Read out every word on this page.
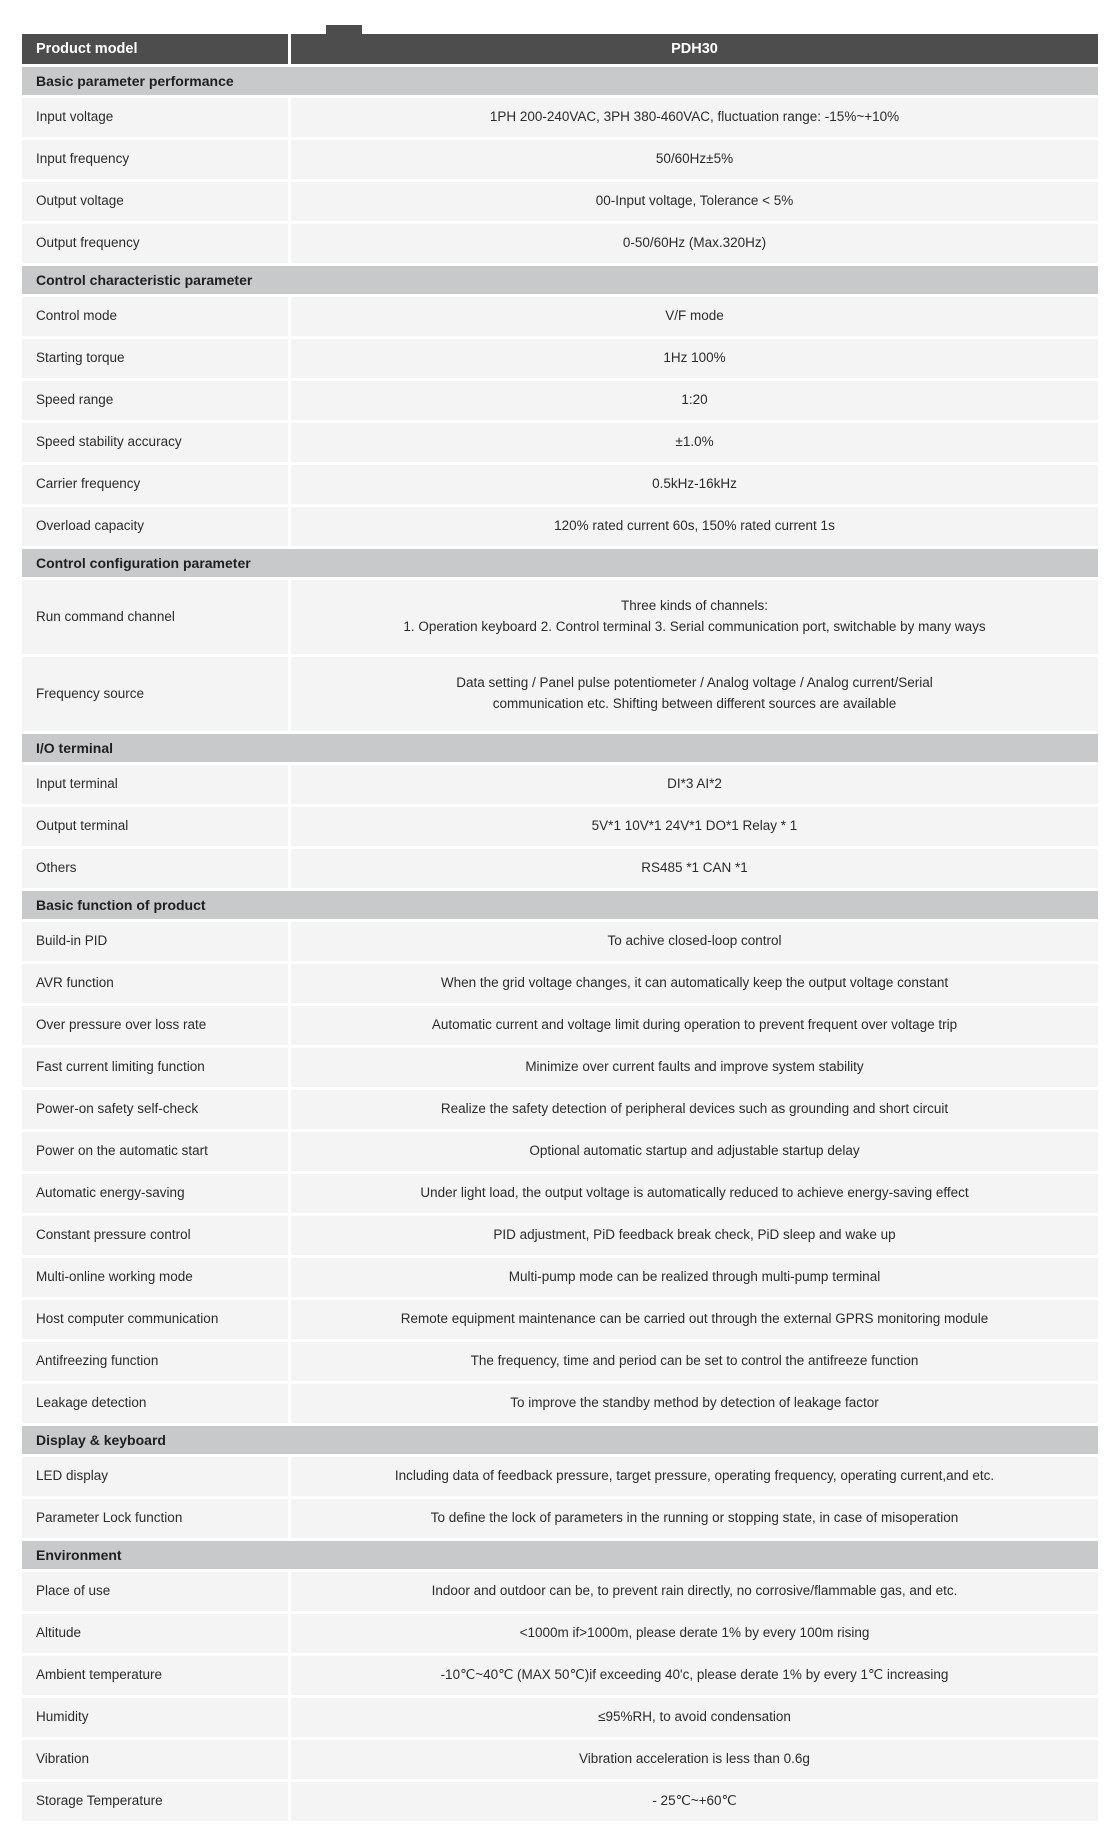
Product model	PDH30
Basic parameter performance	
Input voltage	1PH 200-240VAC, 3PH 380-460VAC, fluctuation range: -15%~+10%
Input frequency	50/60Hz±5%
Output voltage	00-Input voltage, Tolerance < 5%
Output frequency	0-50/60Hz (Max.320Hz)
Control characteristic parameter	
Control mode	V/F mode
Starting torque	1Hz 100%
Speed range	1:20
Speed stability accuracy	±1.0%
Carrier frequency	0.5kHz-16kHz
Overload capacity	120% rated current 60s, 150% rated current 1s
Control configuration parameter	
Run command channel	Three kinds of channels:
1. Operation keyboard 2. Control terminal 3. Serial communication port, switchable by many ways

Frequency source	Data setting / Panel pulse potentiometer / Analog voltage / Analog current/Serial
communication etc. Shifting between different sources are available

I/O terminal	
Input terminal	DI*3 AI*2
Output terminal	5V*1 10V*1 24V*1 DO*1 Relay * 1
Others	RS485 *1 CAN *1
Basic function of product	
Build-in PID	To achive closed-loop control
AVR function	When the grid voltage changes, it can automatically keep the output voltage constant
Over pressure over loss rate	Automatic current and voltage limit during operation to prevent frequent over voltage trip
Fast current limiting function	Minimize over current faults and improve system stability
Power-on safety self-check	Realize the safety detection of peripheral devices such as grounding and short circuit
Power on the automatic start	Optional automatic startup and adjustable startup delay
Automatic energy-saving	Under light load, the output voltage is automatically reduced to achieve energy-saving effect
Constant pressure control	PID adjustment, PiD feedback break check, PiD sleep and wake up
Multi-online working mode	Multi-pump mode can be realized through multi-pump terminal
Host computer communication	Remote equipment maintenance can be carried out through the external GPRS monitoring module
Antifreezing function	The frequency, time and period can be set to control the antifreeze function
Leakage detection	To improve the standby method by detection of leakage factor
Display & keyboard	
LED display	Including data of feedback pressure, target pressure, operating frequency, operating current,and etc.
Parameter Lock function	To define the lock of parameters in the running or stopping state, in case of misoperation
Environment	
Place of use	Indoor and outdoor can be, to prevent rain directly, no corrosive/flammable gas, and etc.
Altitude	<1000m if>1000m, please derate 1% by every 100m rising
Ambient temperature	-10℃~40℃ (MAX 50℃)if exceeding 40'c, please derate 1% by every 1℃ increasing
Humidity	≤95%RH, to avoid condensation
Vibration	Vibration acceleration is less than 0.6g
Storage Temperature	- 25℃~+60℃
